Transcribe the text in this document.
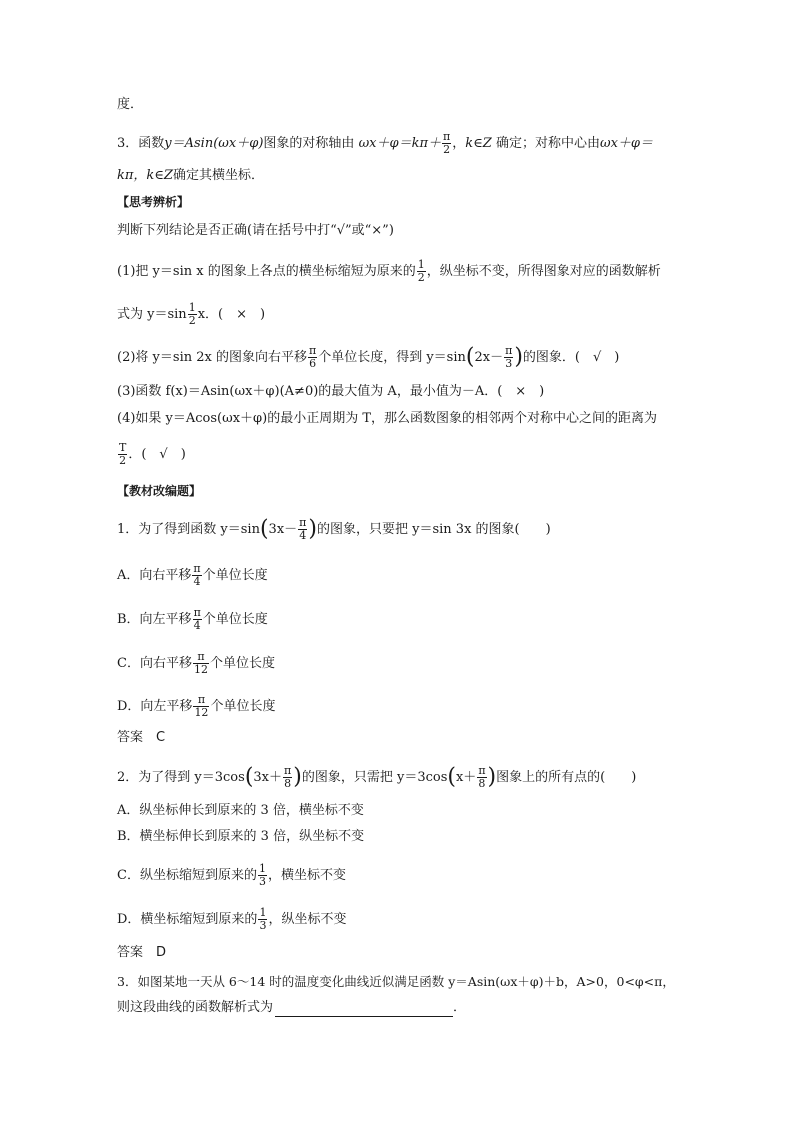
度．
3．函数y＝Asin(ωx＋φ)图象的对称轴由 $\omega x+\varphi=k\pi+ \frac{\pi}{2}$ ，k∈Z 确定；对称中心由ωx＋φ＝
kπ，k∈Z确定其横坐标．
【思考辨析】
判断下列结论是否正确(请在括号中打“√”或“×”)
(1)把 y＝sin x 的图象上各点的横坐标缩短为原来的 $\frac{1}{2}$ ，纵坐标不变，所得图象对应的函数解析
式为 $y=\sin \frac{1}{2}$ x．(　×　)
(2)将 y＝sin 2x 的图象向右平移 $\frac{\pi}{6}$ 个单位长度，得到 $y=\sin(2x- \frac{\pi}{3}$ )的图象．(　√　)
(3)函数 f(x)＝Asin(ωx＋φ)(A≠0)的最大值为 A，最小值为－A．(　×　)
(4)如果 y＝Acos(ωx＋φ)的最小正周期为 T，那么函数图象的相邻两个对称中心之间的距离为
$\frac{T}{2}$ ．(　√　)
【教材改编题】
1．为了得到函数 $y=\sin(3x- \frac{\pi}{4}$ )的图象，只要把 y＝sin 3x 的图象(　　)
A．向右平移 $\frac{\pi}{4}$ 个单位长度
B．向左平移 $\frac{\pi}{4}$ 个单位长度
C．向右平移 $\frac{\pi}{12}$ 个单位长度
D．向左平移 $\frac{\pi}{12}$ 个单位长度
答案　C
2．为了得到 $y=3\cos(3x+ \frac{\pi}{8}$ )的图象，只需把 $y=3\cos(x+ \frac{\pi}{8}$ )图象上的所有点的(　　)
A．纵坐标伸长到原来的 3 倍，横坐标不变
B．横坐标伸长到原来的 3 倍，纵坐标不变
C．纵坐标缩短到原来的 $\frac{1}{3}$ ，横坐标不变
D．横坐标缩短到原来的 $\frac{1}{3}$ ，纵坐标不变
答案　D
3．如图某地一天从 6～14 时的温度变化曲线近似满足函数 y＝Asin(ωx＋φ)＋b，A>0，0<φ<π，
则这段曲线的函数解析式为	．
